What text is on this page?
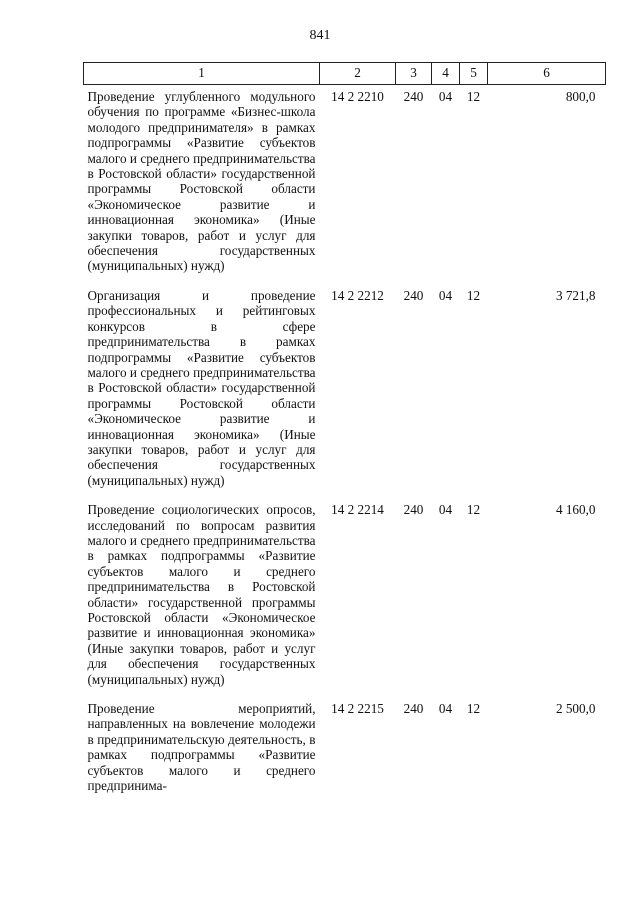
841
1	2	3	4	5	6
Проведение углубленного модульного обучения по программе «Бизнес-школа молодого предпринимателя» в рамках подпрограммы «Развитие субъектов малого и среднего предпринимательства в Ростовской области» государственной программы Ростовской области «Экономическое развитие и инновационная экономика» (Иные закупки товаров, работ и услуг для обеспечения государственных (муниципальных) нужд)	14 2 2210	240	04	12	800,0
Организация и проведение профессиональных и рейтинговых конкурсов в сфере предпринимательства в рамках подпрограммы «Развитие субъектов малого и среднего предпринимательства в Ростовской области» государственной программы Ростовской области «Экономическое развитие и инновационная экономика» (Иные закупки товаров, работ и услуг для обеспечения государственных (муниципальных) нужд)	14 2 2212	240	04	12	3 721,8
Проведение социологических опросов, исследований по вопросам развития малого и среднего предпринимательства в рамках подпрограммы «Развитие субъектов малого и среднего предпринимательства в Ростовской области» государственной программы Ростовской области «Экономическое развитие и инновационная экономика» (Иные закупки товаров, работ и услуг для обеспечения государственных (муниципальных) нужд)	14 2 2214	240	04	12	4 160,0
Проведение мероприятий, направленных на вовлечение молодежи в предпринимательскую деятельность, в рамках подпрограммы «Развитие субъектов малого и среднего предпринима-	14 2 2215	240	04	12	2 500,0
